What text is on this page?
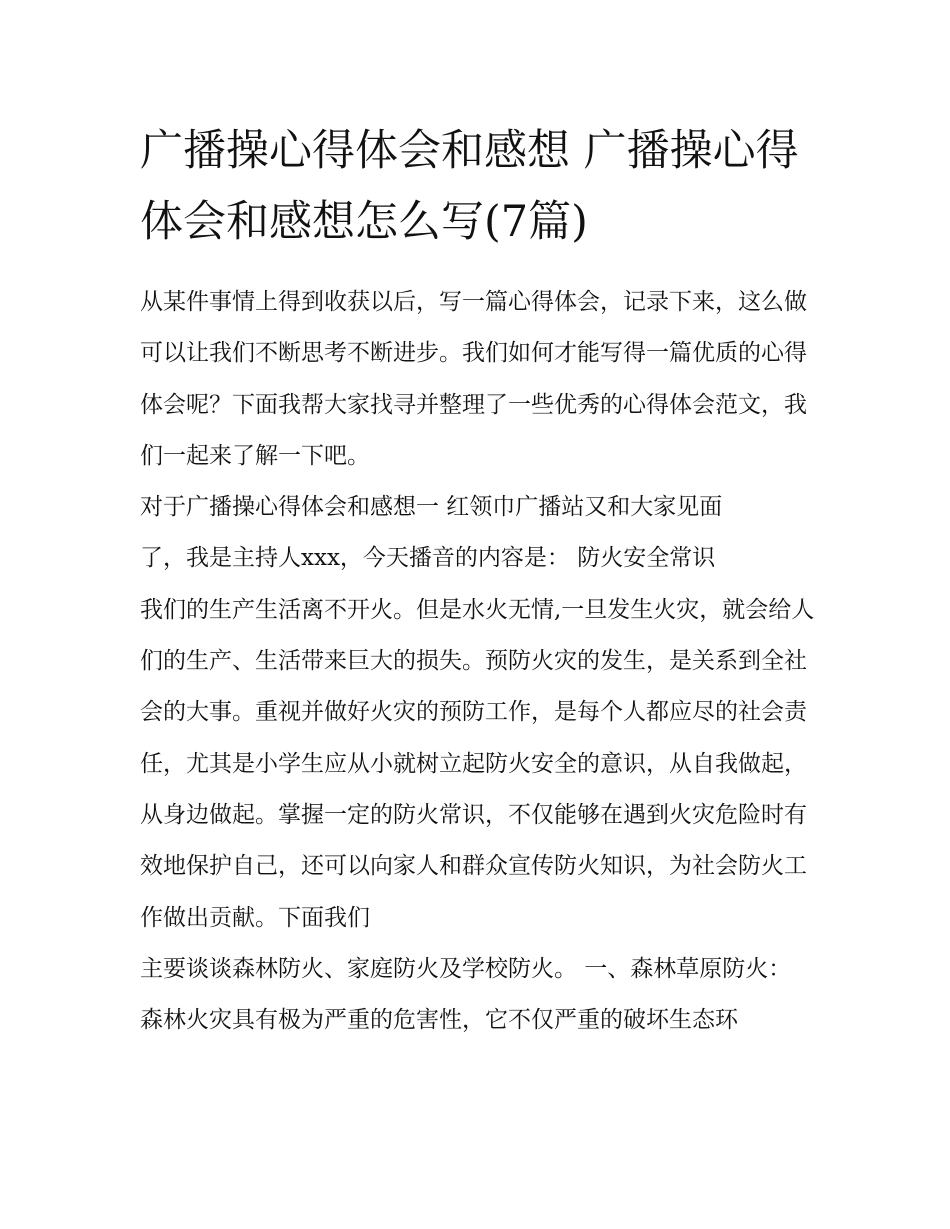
广播操心得体会和感想 广播操心得体会和感想怎么写(7篇)

从某件事情上得到收获以后，写一篇心得体会，记录下来，这么做可以让我们不断思考不断进步。我们如何才能写得一篇优质的心得体会呢？下面我帮大家找寻并整理了一些优秀的心得体会范文，我们一起来了解一下吧。

对于广播操心得体会和感想一 红领巾广播站又和大家见面

了，我是主持人xxx，今天播音的内容是： 防火安全常识

我们的生产生活离不开火。但是水火无情,一旦发生火灾，就会给人们的生产、生活带来巨大的损失。预防火灾的发生，是关系到全社会的大事。重视并做好火灾的预防工作，是每个人都应尽的社会责任，尤其是小学生应从小就树立起防火安全的意识，从自我做起，从身边做起。掌握一定的防火常识，不仅能够在遇到火灾危险时有效地保护自己，还可以向家人和群众宣传防火知识，为社会防火工作做出贡献。下面我们

主要谈谈森林防火、家庭防火及学校防火。 一、森林草原防火：

森林火灾具有极为严重的危害性，它不仅严重的破坏生态环
